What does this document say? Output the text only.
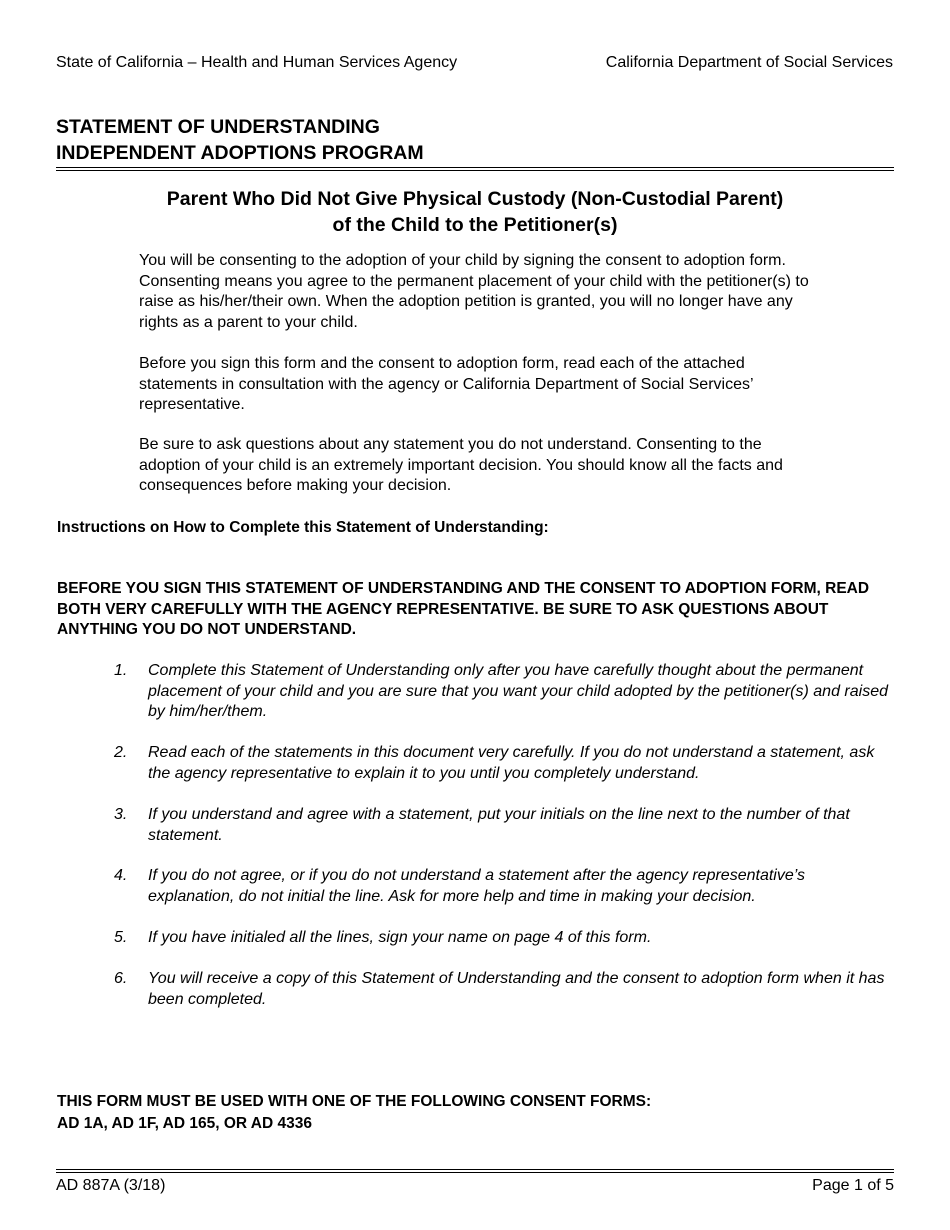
State of California – Health and Human Services Agency	California Department of Social Services
STATEMENT OF UNDERSTANDING
INDEPENDENT ADOPTIONS PROGRAM
Parent Who Did Not Give Physical Custody (Non-Custodial Parent)
of the Child to the Petitioner(s)

You will be consenting to the adoption of your child by signing the consent to adoption form. Consenting means you agree to the permanent placement of your child with the petitioner(s) to raise as his/her/their own. When the adoption petition is granted, you will no longer have any rights as a parent to your child.

Before you sign this form and the consent to adoption form, read each of the attached statements in consultation with the agency or California Department of Social Services’ representative.

Be sure to ask questions about any statement you do not understand. Consenting to the adoption of your child is an extremely important decision. You should know all the facts and consequences before making your decision.

Instructions on How to Complete this Statement of Understanding:
BEFORE YOU SIGN THIS STATEMENT OF UNDERSTANDING AND THE CONSENT TO ADOPTION FORM, READ BOTH VERY CAREFULLY WITH THE AGENCY REPRESENTATIVE. BE SURE TO ASK QUESTIONS ABOUT ANYTHING YOU DO NOT UNDERSTAND.
1.	Complete this Statement of Understanding only after you have carefully thought about the permanent placement of your child and you are sure that you want your child adopted by the petitioner(s) and raised by him/her/them.
2.	Read each of the statements in this document very carefully. If you do not understand a statement, ask the agency representative to explain it to you until you completely understand.
3.	If you understand and agree with a statement, put your initials on the line next to the number of that statement.
4.	If you do not agree, or if you do not understand a statement after the agency representative’s explanation, do not initial the line. Ask for more help and time in making your decision.
5.	If you have initialed all the lines, sign your name on page 4 of this form.
6.	You will receive a copy of this Statement of Understanding and the consent to adoption form when it has been completed.
THIS FORM MUST BE USED WITH ONE OF THE FOLLOWING CONSENT FORMS:
AD 1A, AD 1F, AD 165, OR AD 4336
AD 887A (3/18)	Page 1 of 5
